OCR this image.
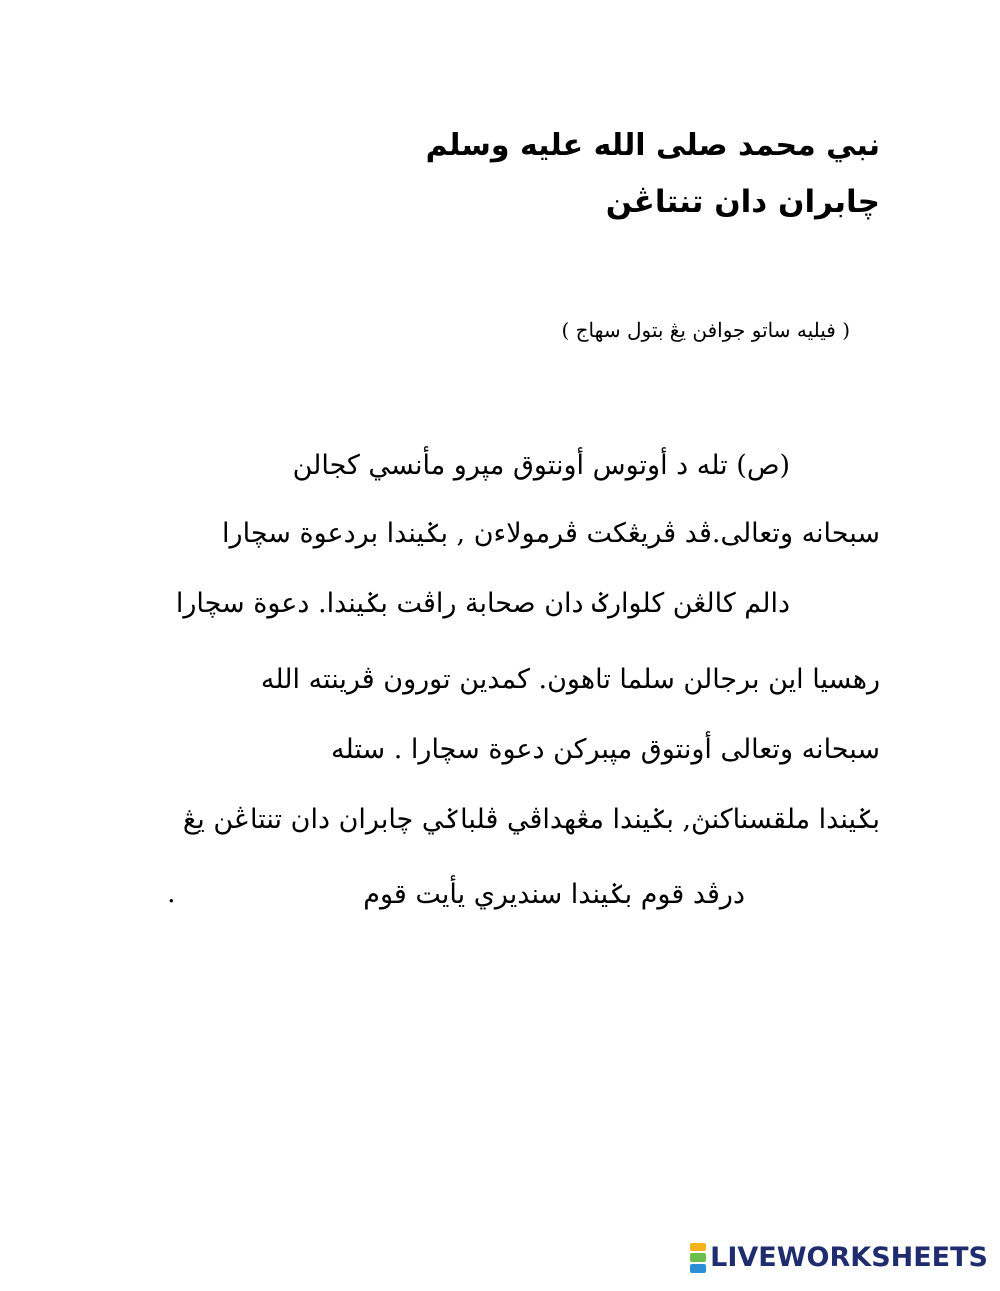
نبي محمد صلى الله عليه وسلم
چابران دان تنتاڠن
( فيليه ساتو جوافن يڠ بتول سهاج )
(ص) تله د أوتوس أونتوق مپرو مأنسي كجالن
سبحانه وتعالى.ڤد ڤريڠكت ڤرمولاءن , بݢيندا بردعوة سچارا
دالم كالڠن كلوارݢ دان صحابة راڤت بݢيندا. دعوة سچارا
رهسيا اين برجالن سلما تاهون. كمدين تورون ڤرينته الله
سبحانه وتعالى أونتوق مپبركن دعوة سچارا . ستله
بݢيندا ملقسناكنڽ, بݢيندا مڠهداڤي ڤلباݢي چابران دان تنتاڠن يڠ
درڤد قوم بݢيندا سنديري يأيت قوم
.
LIVEWORKSHEETS
